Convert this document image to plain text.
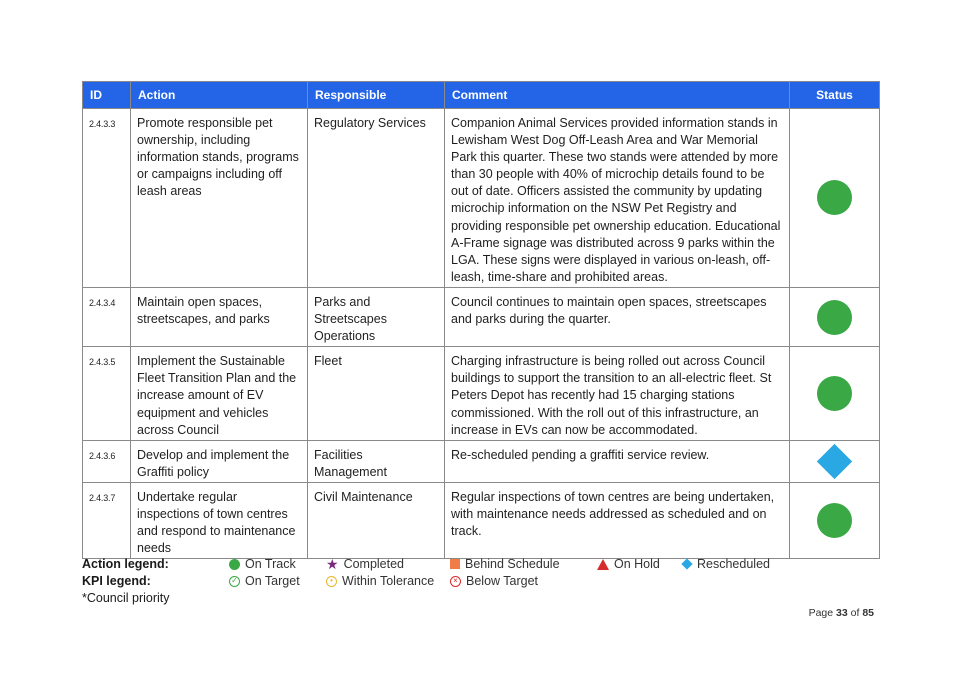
ID	Action	Responsible	Comment	Status
2.4.3.3	Promote responsible pet ownership, including information stands, programs or campaigns including off leash areas	Regulatory Services	Companion Animal Services provided information stands in Lewisham West Dog Off-Leash Area and War Memorial Park this quarter. These two stands were attended by more than 30 people with 40% of microchip details found to be out of date. Officers assisted the community by updating microchip information on the NSW Pet Registry and providing responsible pet ownership education. Educational A-Frame signage was distributed across 9 parks within the LGA. These signs were displayed in various on-leash, off-leash, time-share and prohibited areas.	
2.4.3.4	Maintain open spaces, streetscapes, and parks	Parks and Streetscapes Operations	Council continues to maintain open spaces, streetscapes and parks during the quarter.	
2.4.3.5	Implement the Sustainable Fleet Transition Plan and the increase amount of EV equipment and vehicles across Council	Fleet	Charging infrastructure is being rolled out across Council buildings to support the transition to an all-electric fleet. St Peters Depot has recently had 15 charging stations commissioned. With the roll out of this infrastructure, an increase in EVs can now be accommodated.	
2.4.3.6	Develop and implement the Graffiti policy	Facilities Management	Re-scheduled pending a graffiti service review.	
2.4.3.7	Undertake regular inspections of town centres and respond to maintenance needs	Civil Maintenance	Regular inspections of town centres are being undertaken, with maintenance needs addressed as scheduled and on track.	
Action legend:
KPI legend:
*Council priority
On Track ★ Completed	Behind Schedule	On Hold	Rescheduled
✓ On Target	• Within Tolerance	× Below Target
Page 33 of 85
